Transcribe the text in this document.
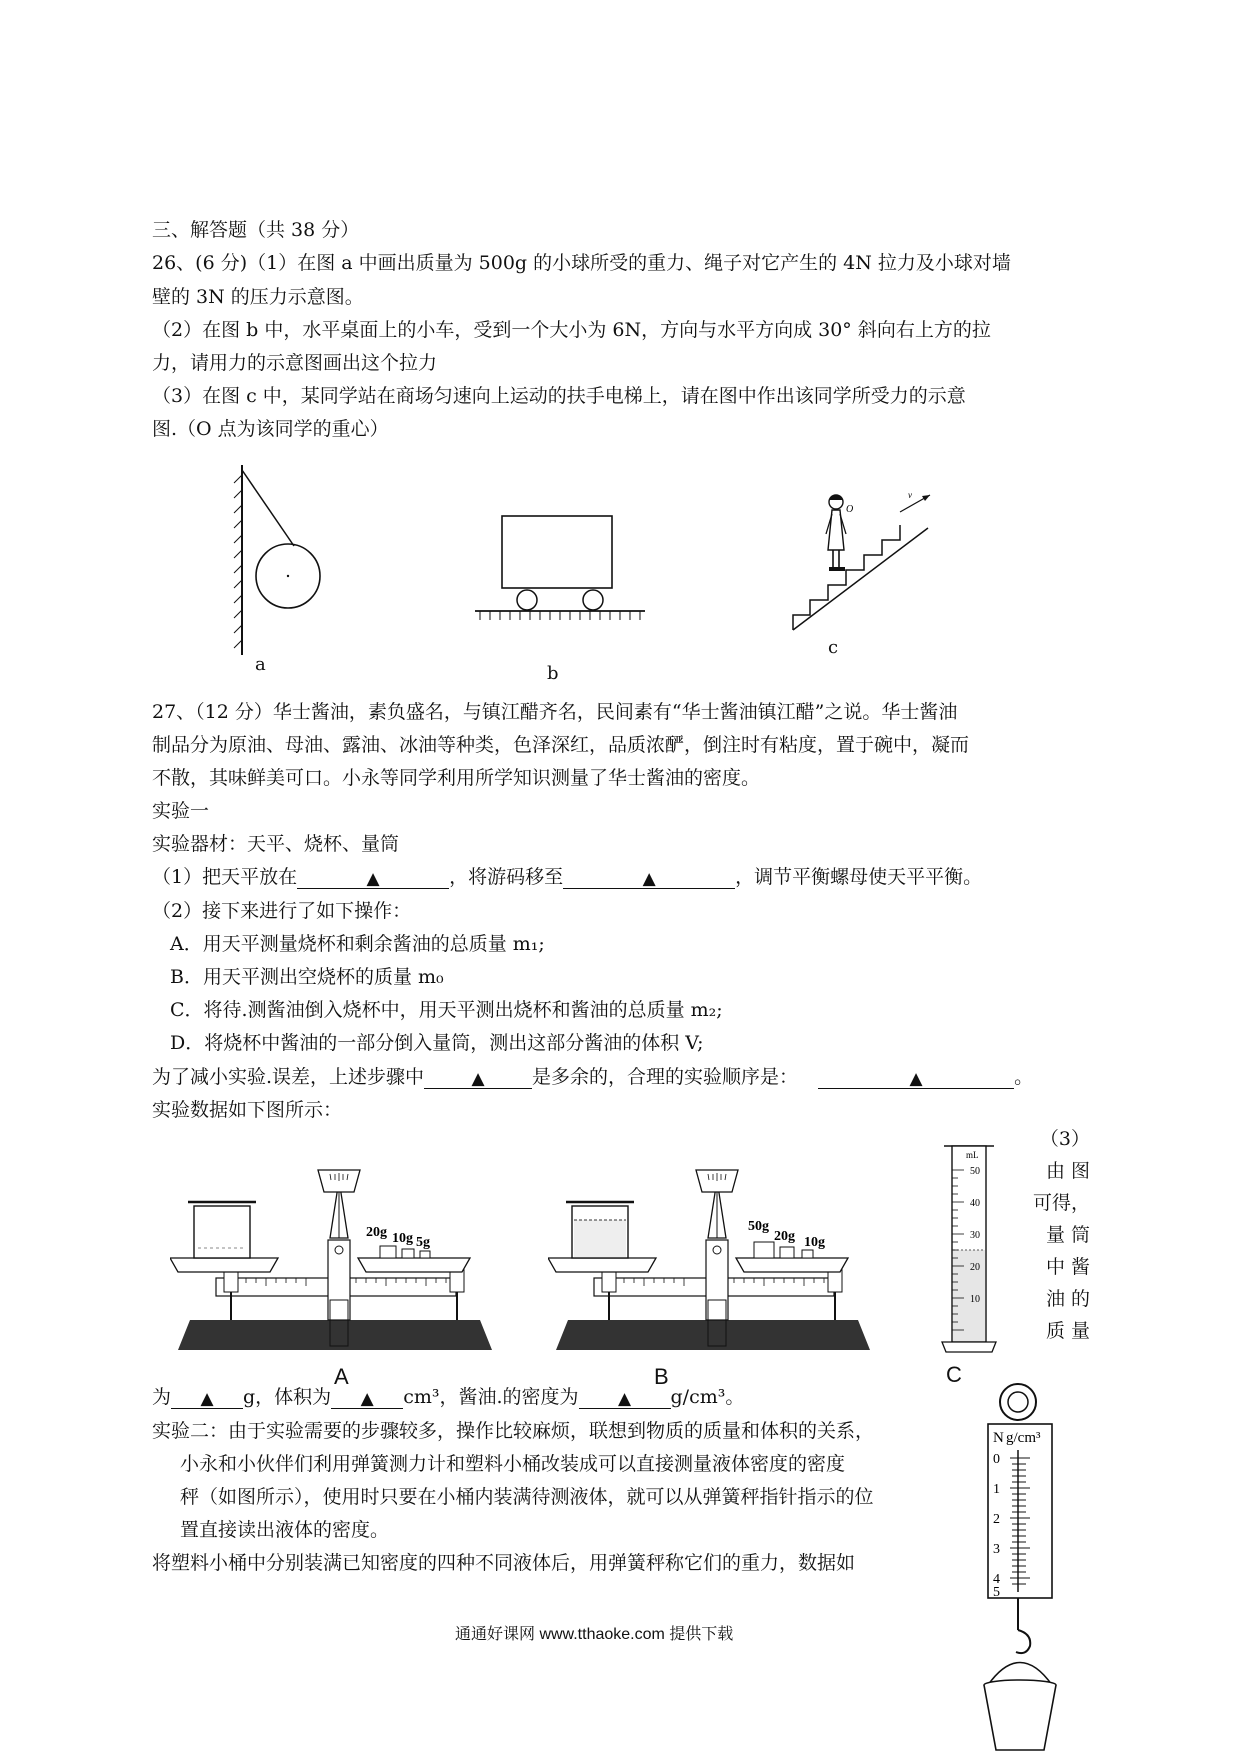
三、解答题（共 38 分）
26、(6 分)（1）在图 a 中画出质量为 500g 的小球所受的重力、绳子对它产生的 4N 拉力及小球对墙
壁的 3N 的压力示意图。
（2）在图 b 中，水平桌面上的小车，受到一个大小为 6N，方向与水平方向成 30° 斜向右上方的拉
力，请用力的示意图画出这个拉力
（3）在图 c 中，某同学站在商场匀速向上运动的扶手电梯上，请在图中作出该同学所受力的示意
图.（O 点为该同学的重心）
a	b
v
O
c
27、（12 分）华士酱油，素负盛名，与镇江醋齐名，民间素有“华士酱油镇江醋”之说。华士酱油
制品分为原油、母油、露油、冰油等种类，色泽深红，品质浓酽，倒注时有粘度，置于碗中，凝而
不散，其味鲜美可口。小永等同学利用所学知识测量了华士酱油的密度。
实验一
实验器材：天平、烧杯、量筒
（1）把天平放在	▲	，将游码移至	▲	，调节平衡螺母使天平平衡。
（2）接下来进行了如下操作：
A．用天平测量烧杯和剩余酱油的总质量 m₁;
B．用天平测出空烧杯的质量 m₀
C．将待.测酱油倒入烧杯中，用天平测出烧杯和酱油的总质量 m₂;
D．将烧杯中酱油的一部分倒入量筒，测出这部分酱油的体积 V;
为了减小实验.误差，上述步骤中	▲ 是多余的，合理的实验顺序是：	▲	。
实验数据如下图所示：
20g 10g 5g
A
50g
20g 10g
B
mL
50
40
30
20
10
C
（3）
由 图
可得，
量 筒
中 酱
油 的
质 量
为 ▲ g，体积为 ▲ cm³，酱油.的密度为 ▲ g/cm³。
实验二：由于实验需要的步骤较多，操作比较麻烦，联想到物质的质量和体积的关系，
小永和小伙伴们利用弹簧测力计和塑料小桶改装成可以直接测量液体密度的密度
秤（如图所示），使用时只要在小桶内装满待测液体，就可以从弹簧秤指针指示的位
置直接读出液体的密度。
将塑料小桶中分别装满已知密度的四种不同液体后，用弹簧秤称它们的重力，数据如
N g/cm³
0
1
2
3
4
5
通通好课网 www.tthaoke.com 提供下载
